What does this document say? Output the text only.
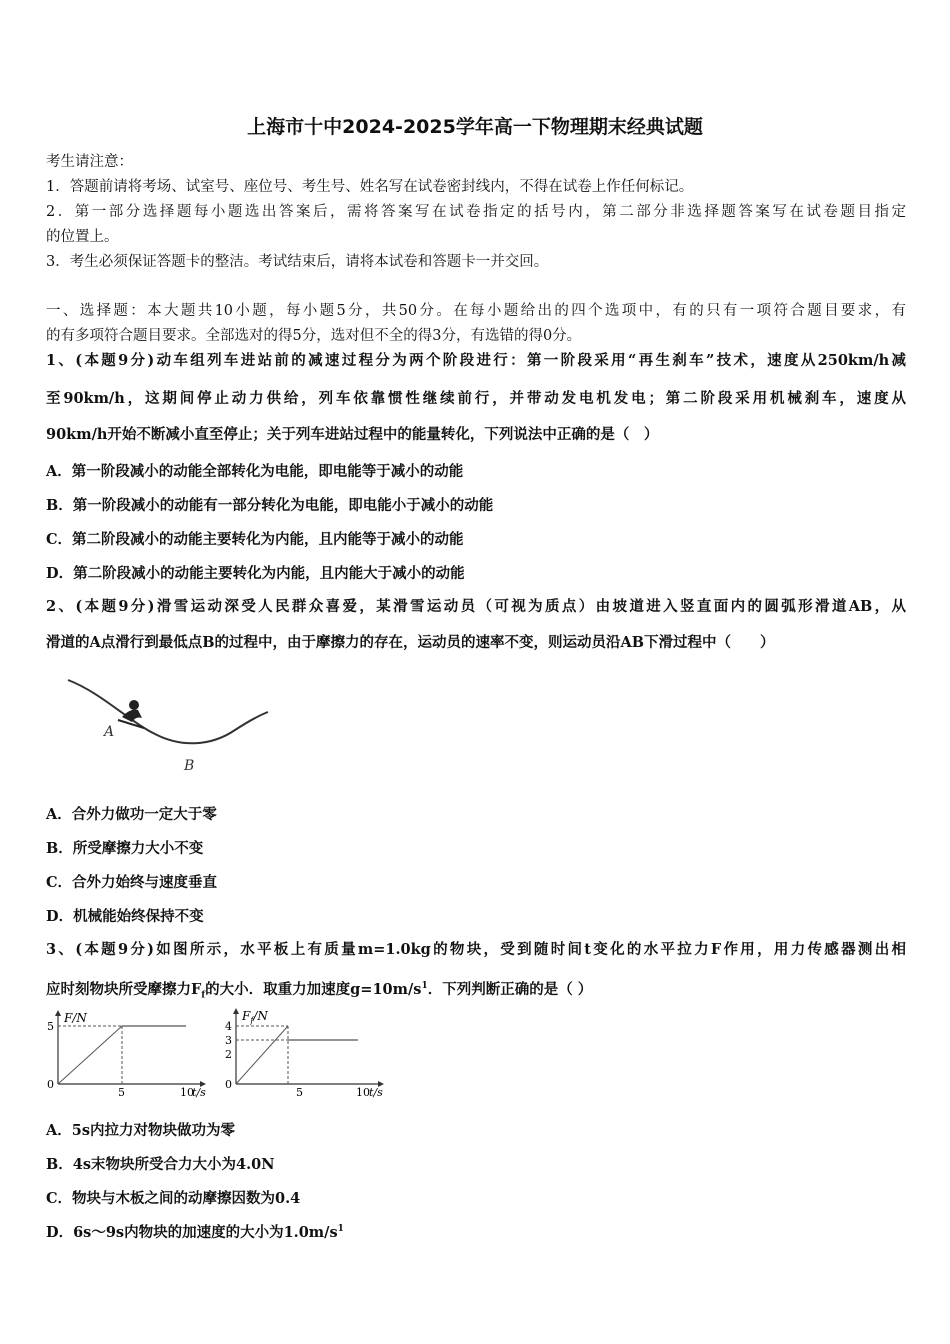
上海市十中2024-2025学年高一下物理期末经典试题
考生请注意：
1．答题前请将考场、试室号、座位号、考生号、姓名写在试卷密封线内，不得在试卷上作任何标记。
2．第一部分选择题每小题选出答案后，需将答案写在试卷指定的括号内，第二部分非选择题答案写在试卷题目指定
的位置上。
3．考生必须保证答题卡的整洁。考试结束后，请将本试卷和答题卡一并交回。
一、选择题：本大题共10小题，每小题5分，共50分。在每小题给出的四个选项中，有的只有一项符合题目要求，有
的有多项符合题目要求。全部选对的得5分，选对但不全的得3分，有选错的得0分。
1、(本题9分)动车组列车进站前的减速过程分为两个阶段进行：第一阶段采用“再生刹车”技术，速度从250km/h减
至90km/h，这期间停止动力供给，列车依靠惯性继续前行，并带动发电机发电；第二阶段采用机械刹车，速度从
90km/h开始不断减小直至停止；关于列车进站过程中的能量转化，下列说法中正确的是（　）
A．第一阶段减小的动能全部转化为电能，即电能等于减小的动能
B．第一阶段减小的动能有一部分转化为电能，即电能小于减小的动能
C．第二阶段减小的动能主要转化为内能，且内能等于减小的动能
D．第二阶段减小的动能主要转化为内能，且内能大于减小的动能
2、(本题9分)滑雪运动深受人民群众喜爱，某滑雪运动员（可视为质点）由坡道进入竖直面内的圆弧形滑道AB，从
滑道的A点滑行到最低点B的过程中，由于摩擦力的存在，运动员的速率不变，则运动员沿AB下滑过程中（　　）
A
B
A．合外力做功一定大于零
B．所受摩擦力大小不变
C．合外力始终与速度垂直
D．机械能始终保持不变
3、(本题9分)如图所示，水平板上有质量m=1.0kg的物块，受到随时间t变化的水平拉力F作用，用力传感器测出相
应时刻物块所受摩擦力$F_f$的大小．取重力加速度$g=10m/s^1$．下列判断正确的是（ ）
F/N
5
0
5	10
t/s
$F_f/N$
4
3
2
0
5	10 t/s
A．5s内拉力对物块做功为零
B．4s末物块所受合力大小为4.0N
C．物块与木板之间的动摩擦因数为0.4
D．6s～9s内物块的加速度的大小为$1.0m/s^1$
